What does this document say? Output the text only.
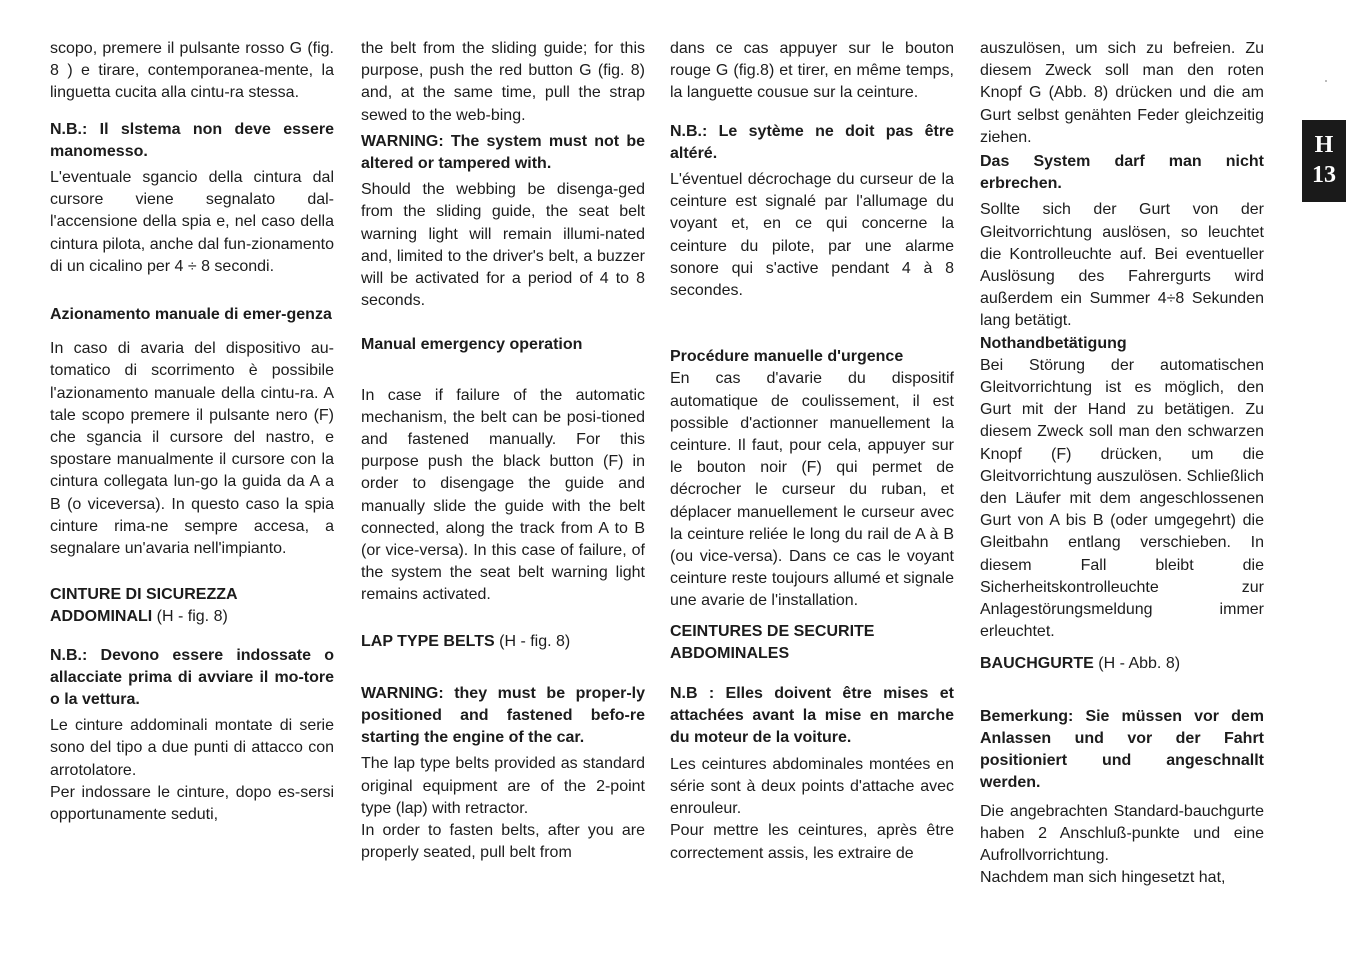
scopo, premere il pulsante rosso G (fig. 8 ) e tirare, contemporanea-mente, la linguetta cucita alla cintu-ra stessa.

N.B.: Il slstema non deve essere manomesso.

L'eventuale sgancio della cintura dal cursore viene segnalato dal-l'accensione della spia e, nel caso della cintura pilota, anche dal fun-zionamento di un cicalino per 4 ÷ 8 secondi.

Azionamento manuale di emer-genza

In caso di avaria del dispositivo au-tomatico di scorrimento è possibile l'azionamento manuale della cintu-ra. A tale scopo premere il pulsante nero (F) che sgancia il cursore del nastro, e spostare manualmente il cursore con la cintura collegata lun-go la guida da A a B (o viceversa). In questo caso la spia cinture rima-ne sempre accesa, a segnalare un'avaria nell'impianto.

CINTURE DI SICUREZZA ADDOMINALI (H - fig. 8)

N.B.: Devono essere indossate o allacciate prima di avviare il mo-tore o la vettura.

Le cinture addominali montate di serie sono del tipo a due punti di attacco con arrotolatore.

Per indossare le cinture, dopo es-sersi opportunamente seduti,

the belt from the sliding guide; for this purpose, push the red button G (fig. 8) and, at the same time, pull the strap sewed to the web-bing.

WARNING: The system must not be altered or tampered with.

Should the webbing be disenga-ged from the sliding guide, the seat belt warning light will remain illumi-nated and, limited to the driver's belt, a buzzer will be activated for a period of 4 to 8 seconds.

Manual emergency operation

In case if failure of the automatic mechanism, the belt can be posi-tioned and fastened manually. For this purpose push the black button (F) in order to disengage the guide and manually slide the guide with the belt connected, along the track from A to B (or vice-versa). In this case of failure, of the system the seat belt warning light remains activated.

LAP TYPE BELTS (H - fig. 8)

WARNING: they must be proper-ly positioned and fastened befo-re starting the engine of the car.

The lap type belts provided as standard original equipment are of the 2-point type (lap) with retractor.

In order to fasten belts, after you are properly seated, pull belt from

dans ce cas appuyer sur le bouton rouge G (fig.8) et tirer, en même temps, la languette cousue sur la ceinture.

N.B.: Le sytème ne doit pas être altéré.

L'éventuel décrochage du curseur de la ceinture est signalé par l'allumage du voyant et, en ce qui concerne la ceinture du pilote, par une alarme sonore qui s'active pendant 4 à 8 secondes.

Procédure manuelle d'urgence

En cas d'avarie du dispositif automatique de coulissement, il est possible d'actionner manuellement la ceinture. Il faut, pour cela, appuyer sur le bouton noir (F) qui permet de décrocher le curseur du ruban, et déplacer manuellement le curseur avec la ceinture reliée le long du rail de A à B (ou vice-versa). Dans ce cas le voyant ceinture reste toujours allumé et signale une avarie de l'installation.

CEINTURES DE SECURITE ABDOMINALES

N.B : Elles doivent être mises et attachées avant la mise en marche du moteur de la voiture.

Les ceintures abdominales montées en série sont à deux points d'attache avec enrouleur.

Pour mettre les ceintures, après être correctement assis, les extraire de

auszulösen, um sich zu befreien. Zu diesem Zweck soll man den roten Knopf G (Abb. 8) drücken und die am Gurt selbst genähten Feder gleichzeitig ziehen.

Das System darf man nicht erbrechen.

Sollte sich der Gurt von der Gleitvorrichtung auslösen, so leuchtet die Kontrolleuchte auf. Bei eventueller Auslösung des Fahrergurts wird außerdem ein Summer 4÷8 Sekunden lang betätigt.

Nothandbetätigung

Bei Störung der automatischen Gleitvorrichtung ist es möglich, den Gurt mit der Hand zu betätigen. Zu diesem Zweck soll man den schwarzen Knopf (F) drücken, um die Gleitvorrichtung auszulösen. Schließlich den Läufer mit dem angeschlossenen Gurt von A bis B (oder umgegehrt) die Gleitbahn entlang verschieben. In diesem Fall bleibt die Sicherheitskontrolleuchte zur Anlagestörungsmeldung immer erleuchtet.

BAUCHGURTE (H - Abb. 8)

Bemerkung: Sie müssen vor dem Anlassen und vor der Fahrt positioniert und angeschnallt werden.

Die angebrachten Standard-bauchgurte haben 2 Anschluß-punkte und eine Aufrollvorrichtung.

Nachdem man sich hingesetzt hat,

H
13
